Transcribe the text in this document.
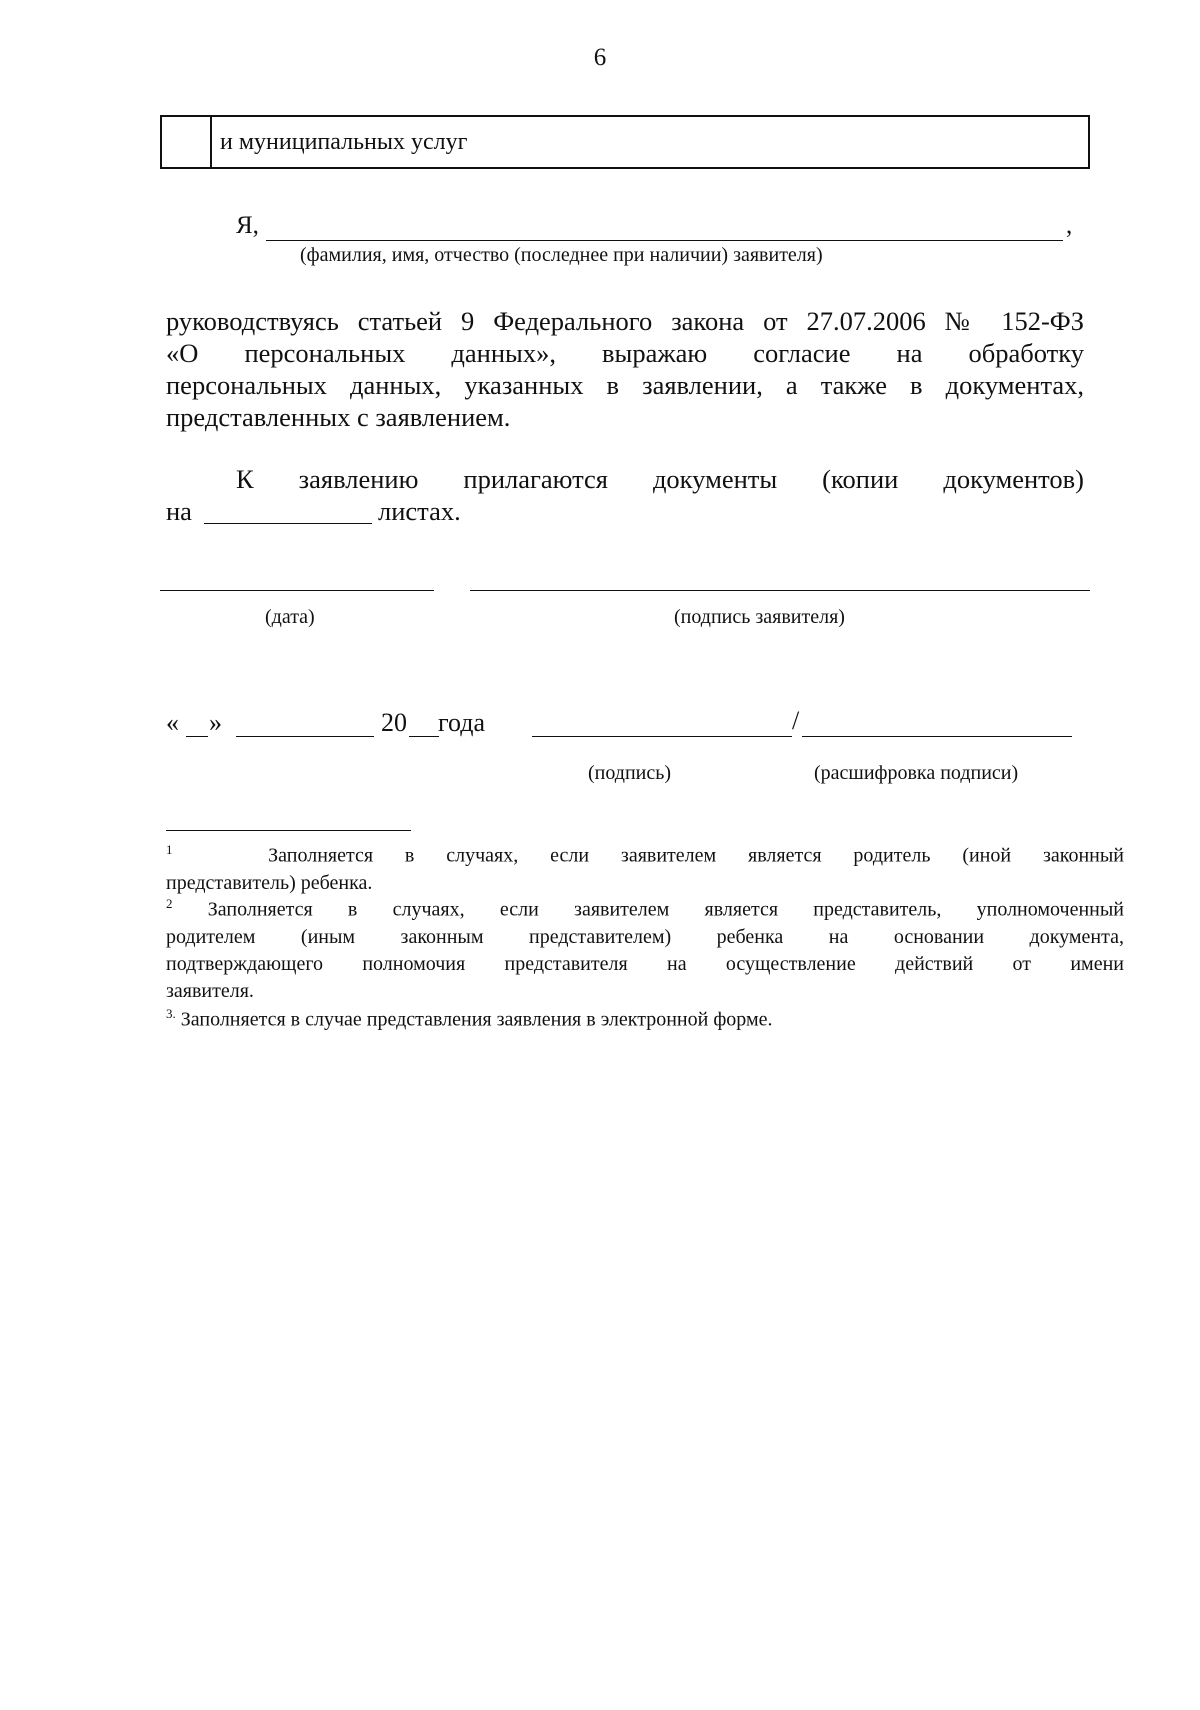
6
и муниципальных услуг
Я,	,
(фамилия, имя, отчество (последнее при наличии) заявителя)
руководствуясь статьей 9 Федерального закона от 27.07.2006 № 152-ФЗ
«О персональных данных», выражаю согласие на обработку
персональных данных, указанных в заявлении, а также в документах,
представленных с заявлением.
К заявлению прилагаются документы (копии документов)
на	листах.
(дата)	(подпись заявителя)
« »	20 года	/
(подпись)	(расшифровка подписи)
$^1$	Заполняется в случаях, если заявителем является родитель (иной законный
представитель) ребенка.
$^2$ Заполняется в случаях, если заявителем является представитель, уполномоченный
родителем (иным законным представителем) ребенка на основании документа,
подтверждающего полномочия представителя на осуществление действий от имени
заявителя.
$^{3.}$ Заполняется в случае представления заявления в электронной форме.
